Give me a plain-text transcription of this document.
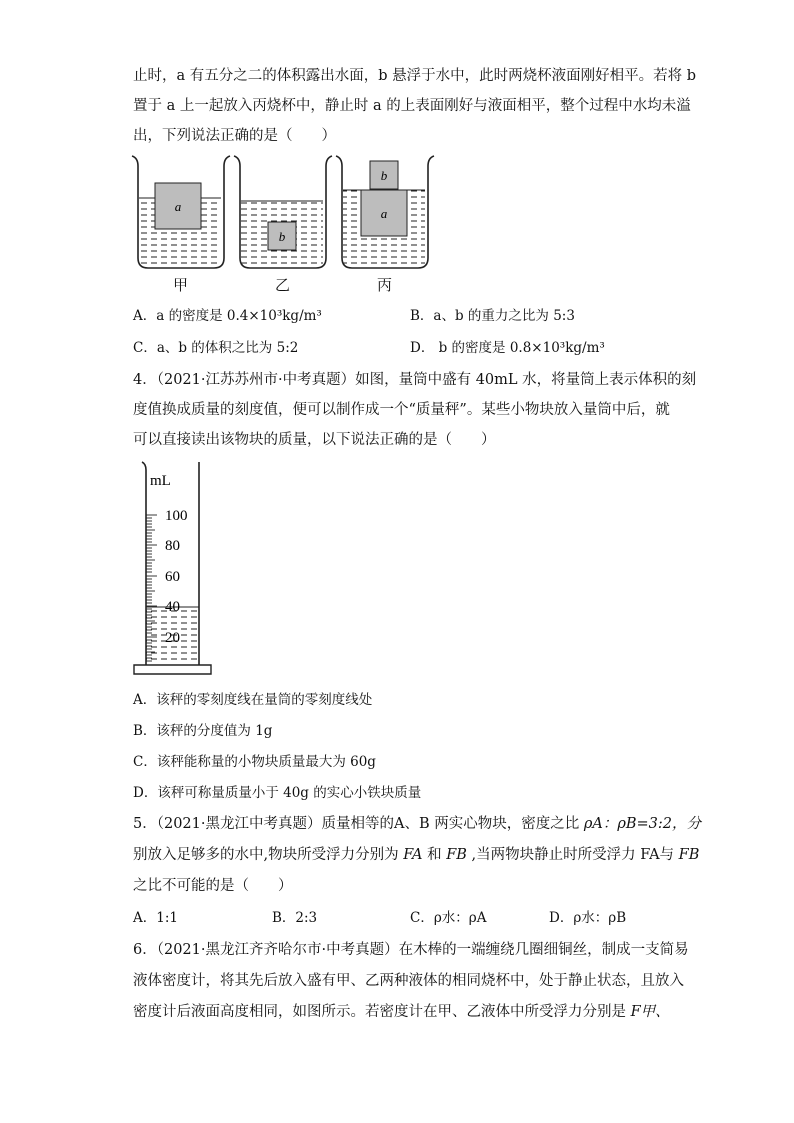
止时，a 有五分之二的体积露出水面，b 悬浮于水中，此时两烧杯液面刚好相平。若将 b
置于 a 上一起放入丙烧杯中，静止时 a 的上表面刚好与液面相平，整个过程中水均未溢
出，下列说法正确的是（　　）
a
b
b
a
甲	乙	丙
A．a 的密度是 0.4×10³kg/m³	B．a、b 的重力之比为 5:3
C．a、b 的体积之比为 5:2	D． b 的密度是 0.8×10³kg/m³
4．（2021·江苏苏州市·中考真题）如图，量筒中盛有 40mL 水，将量筒上表示体积的刻
度值换成质量的刻度值，便可以制作成一个“质量秤”。某些小物块放入量筒中后，就
可以直接读出该物块的质量，以下说法正确的是（　　）
mL
100
80
60
40
20
A．该秤的零刻度线在量筒的零刻度线处
B．该秤的分度值为 1g
C．该秤能称量的小物块质量最大为 60g
D．该秤可称量质量小于 40g 的实心小铁块质量
5．（2021·黑龙江中考真题）质量相等的A、B 两实心物块，密度之比 ρA：ρB=3:2，分
别放入足够多的水中,物块所受浮力分别为 FA 和 FB ,当两物块静止时所受浮力 FA与 FB
之比不可能的是（　　）
A．1:1	B．2:3	C．ρ水：ρA	D．ρ水：ρB
6．（2021·黑龙江齐齐哈尔市·中考真题）在木棒的一端缠绕几圈细铜丝，制成一支简易
液体密度计，将其先后放入盛有甲、乙两种液体的相同烧杯中，处于静止状态，且放入
密度计后液面高度相同，如图所示。若密度计在甲、乙液体中所受浮力分别是 F甲、
